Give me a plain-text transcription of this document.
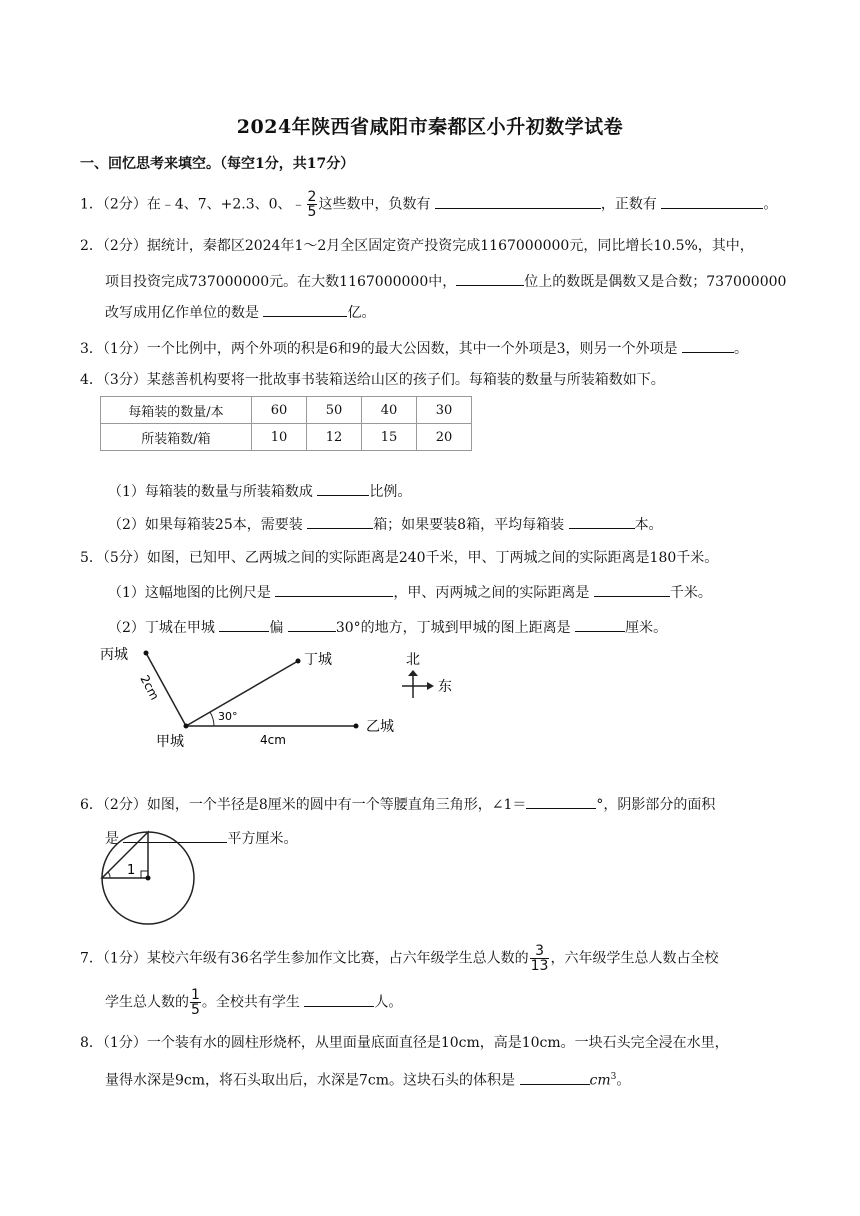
2024年陕西省咸阳市秦都区小升初数学试卷
一、回忆思考来填空。（每空1分，共17分）
1．（2分）在﹣4、7、+2.3、0、﹣ $\frac{2}{5}$ 这些数中，负数有	，正数有	。
2．（2分）据统计，秦都区2024年1～2月全区固定资产投资完成1167000000元，同比增长10.5%，其中，
项目投资完成737000000元。在大数1167000000中，	位上的数既是偶数又是合数；737000000
改写成用亿作单位的数是	亿。
3．（1分）一个比例中，两个外项的积是6和9的最大公因数，其中一个外项是3，则另一个外项是	。
4．（3分）某慈善机构要将一批故事书装箱送给山区的孩子们。每箱装的数量与所装箱数如下。
每箱装的数量/本	60	50	40	30
所装箱数/箱	10	12	15	20
（1）每箱装的数量与所装箱数成	比例。
（2）如果每箱装25本，需要装	箱；如果要装8箱，平均每箱装	本。
5．（5分）如图，已知甲、乙两城之间的实际距离是240千米，甲、丁两城之间的实际距离是180千米。
（1）这幅地图的比例尺是	，甲、丙两城之间的实际距离是	千米。
（2）丁城在甲城	偏	30°的地方，丁城到甲城的图上距离是	厘米。
丙城	丁城
甲城
乙城
2cm
4cm
30°
北
东
6．（2分）如图，一个半径是8厘米的圆中有一个等腰直角三角形，∠1＝	°，阴影部分的面积
是	平方厘米。
1
7．（1分）某校六年级有36名学生参加作文比赛，占六年级学生总人数的 $\frac{3}{13}$ ，六年级学生总人数占全校
学生总人数的 $\frac{1}{5}$ 。全校共有学生	人。
8．（1分）一个装有水的圆柱形烧杯，从里面量底面直径是10cm，高是10cm。一块石头完全浸在水里，
量得水深是9cm，将石头取出后，水深是7cm。这块石头的体积是	$cm^3$。
